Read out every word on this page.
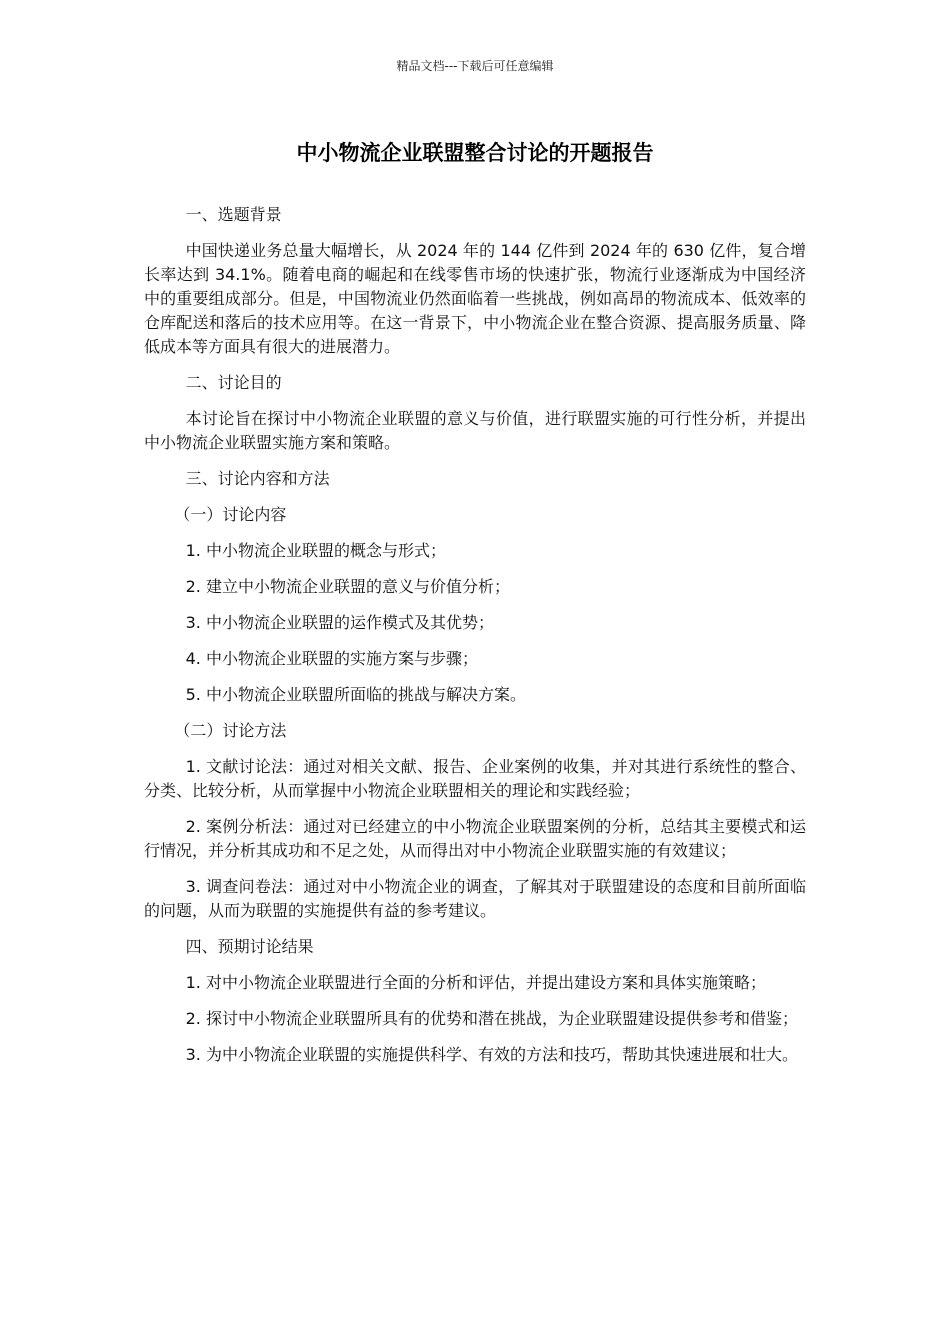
精品文档---下载后可任意编辑
中小物流企业联盟整合讨论的开题报告

一、选题背景

中国快递业务总量大幅增长，从 2024 年的 144 亿件到 2024 年的 630 亿件，复合增长率达到 34.1%。随着电商的崛起和在线零售市场的快速扩张，物流行业逐渐成为中国经济中的重要组成部分。但是，中国物流业仍然面临着一些挑战，例如高昂的物流成本、低效率的仓库配送和落后的技术应用等。在这一背景下，中小物流企业在整合资源、提高服务质量、降低成本等方面具有很大的进展潜力。

二、讨论目的

本讨论旨在探讨中小物流企业联盟的意义与价值，进行联盟实施的可行性分析，并提出中小物流企业联盟实施方案和策略。

三、讨论内容和方法

（一）讨论内容

1. 中小物流企业联盟的概念与形式；

2. 建立中小物流企业联盟的意义与价值分析；

3. 中小物流企业联盟的运作模式及其优势；

4. 中小物流企业联盟的实施方案与步骤；

5. 中小物流企业联盟所面临的挑战与解决方案。

（二）讨论方法

1. 文献讨论法：通过对相关文献、报告、企业案例的收集，并对其进行系统性的整合、分类、比较分析，从而掌握中小物流企业联盟相关的理论和实践经验；

2. 案例分析法：通过对已经建立的中小物流企业联盟案例的分析，总结其主要模式和运行情况，并分析其成功和不足之处，从而得出对中小物流企业联盟实施的有效建议；

3. 调查问卷法：通过对中小物流企业的调查，了解其对于联盟建设的态度和目前所面临的问题，从而为联盟的实施提供有益的参考建议。

四、预期讨论结果

1. 对中小物流企业联盟进行全面的分析和评估，并提出建设方案和具体实施策略；

2. 探讨中小物流企业联盟所具有的优势和潜在挑战，为企业联盟建设提供参考和借鉴；

3. 为中小物流企业联盟的实施提供科学、有效的方法和技巧，帮助其快速进展和壮大。
